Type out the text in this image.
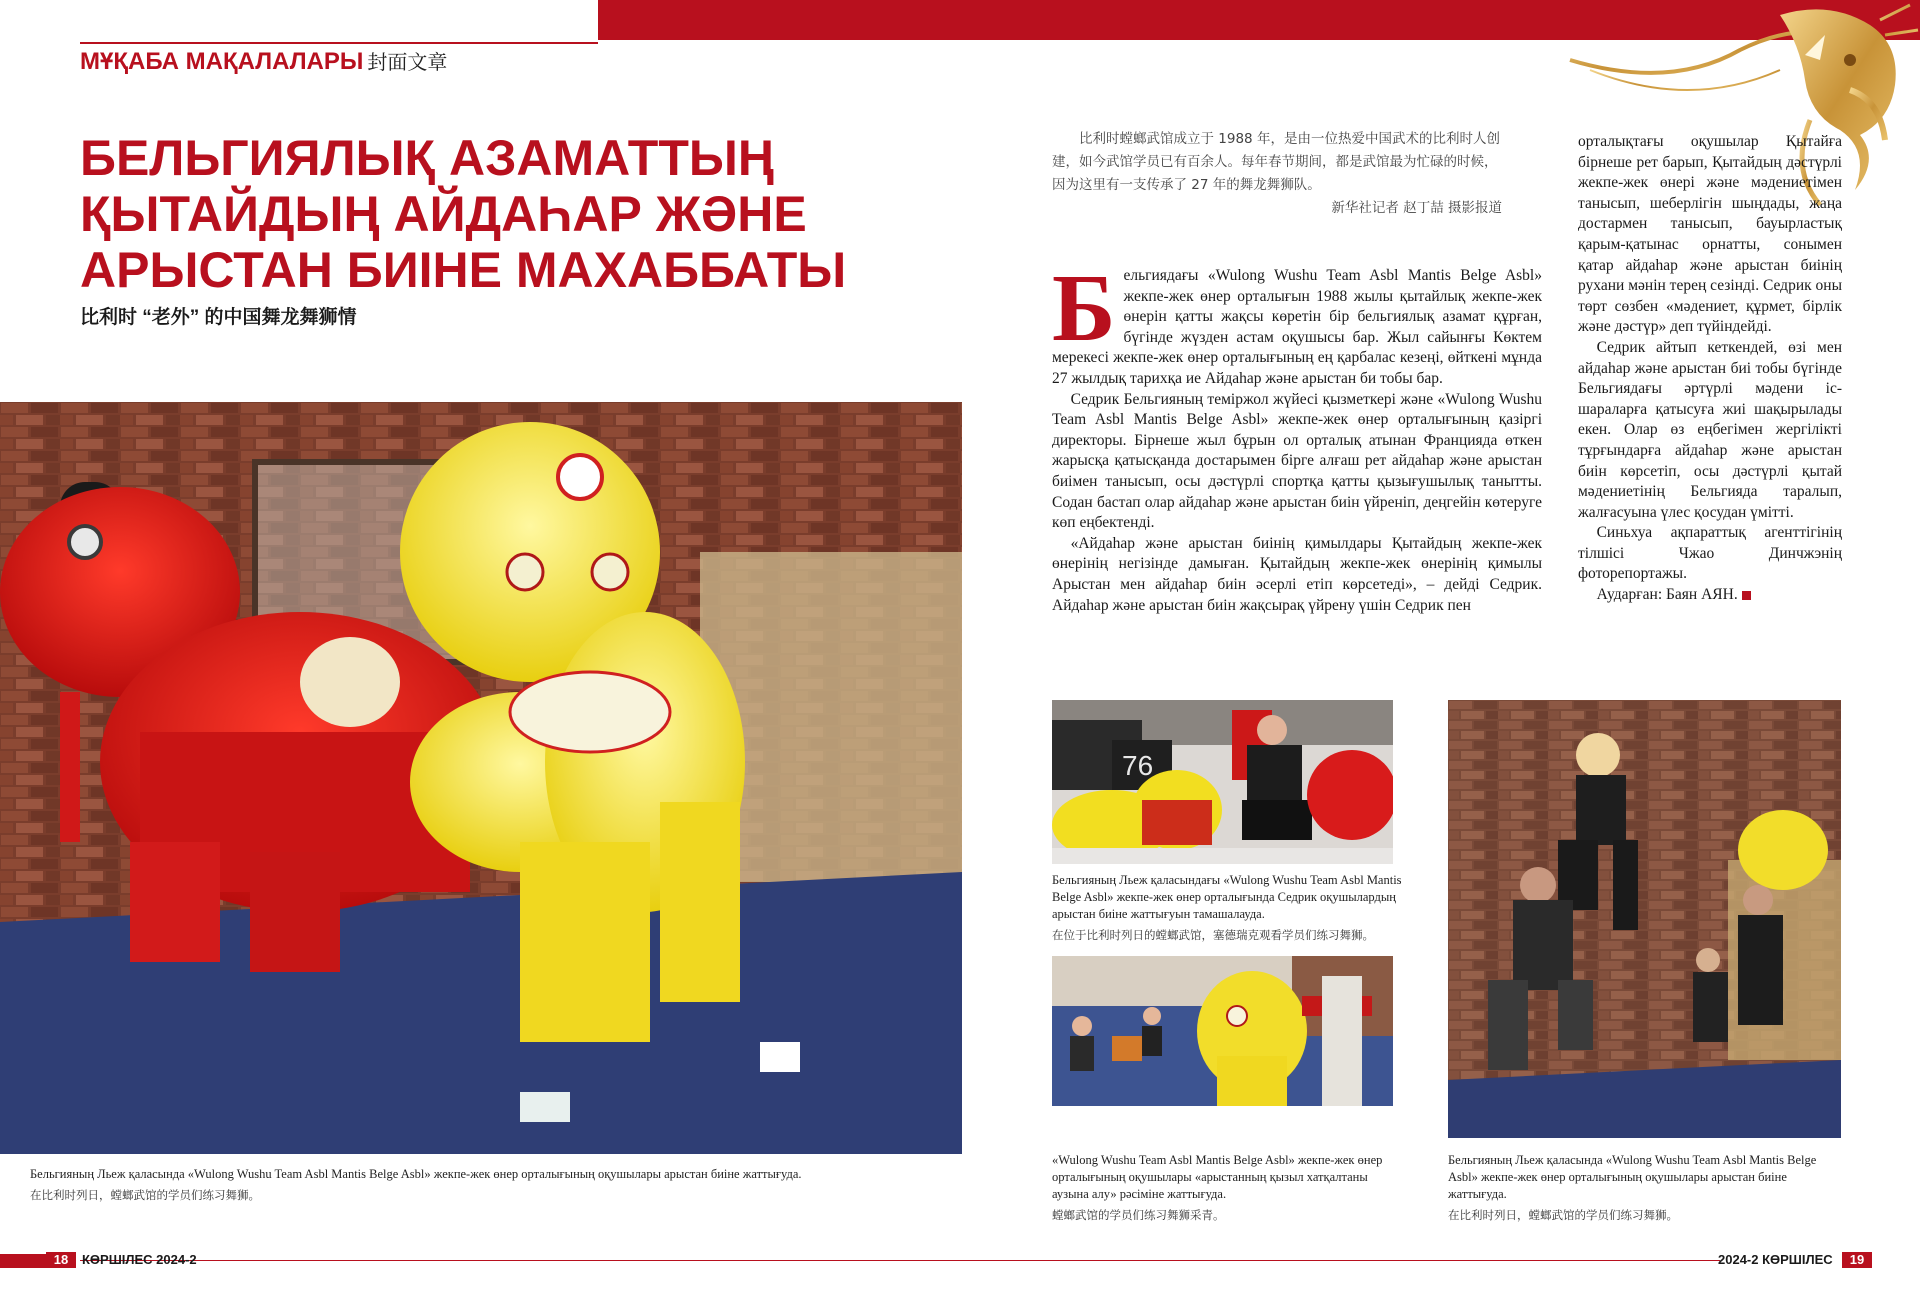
МҰҚАБА МАҚАЛАЛАРЫ 封面文章
БЕЛЬГИЯЛЫҚ АЗАМАТТЫҢ
ҚЫТАЙДЫҢ АЙДАҺАР ЖӘНЕ
АРЫСТАН БИІНЕ МАХАББАТЫ
比利时 “老外” 的中国舞龙舞狮情
比利时螳螂武馆成立于 1988 年，是由一位热爱中国武术的比利时人创建，如今武馆学员已有百余人。每年春节期间，都是武馆最为忙碌的时候，因为这里有一支传承了 27 年的舞龙舞狮队。
新华社记者 赵丁喆 摄影报道

Бельгиядағы «Wulong Wushu Team Asbl Mantis Belge Asbl» жекпе-жек өнер орталығын 1988 жылы қытайлық жекпе-жек өнерін қатты жақсы көретін бір бельгиялық азамат құрған, бүгінде жүзден астам оқушысы бар. Жыл сайынғы Көктем мерекесі жекпе-жек өнер орталығының ең қарбалас кезеңі, өйткені мұнда 27 жылдық тарихқа ие Айдаһар және арыстан би тобы бар.

Седрик Бельгияның теміржол жүйесі қызметкері және «Wulong Wushu Team Asbl Mantis Belge Asbl» жекпе-жек өнер орталығының қазіргі директоры. Бірнеше жыл бұрын ол орталық атынан Францияда өткен жарысқа қатысқанда достарымен бірге алғаш рет айдаһар және арыстан биімен танысып, осы дәстүрлі спортқа қатты қызығушылық танытты. Содан бастап олар айдаһар және арыстан биін үйреніп, деңгейін көтеруге көп еңбектенді.

«Айдаһар және арыстан биінің қимылдары Қытайдың жекпе-жек өнерінің негізінде дамыған. Қытайдың жекпе-жек өнерінің қимылы Арыстан мен айдаһар биін әсерлі етіп көрсетеді», – дейді Седрик. Айдаһар және арыстан биін жақсырақ үйрену үшін Седрик пен

орталықтағы оқушылар Қытайға бірнеше рет барып, Қытайдың дәстүрлі жекпе-жек өнері және мәдениетімен танысып, шеберлігін шыңдады, жаңа достармен танысып, бауырластық қарым-қатынас орнатты, сонымен қатар айдаһар және арыстан биінің рухани мәнін терең сезінді. Седрик оны төрт сөзбен «мәдениет, құрмет, бірлік және дәстүр» деп түйіндейді.

Седрик айтып кеткендей, өзі мен айдаһар және арыстан биі тобы бүгінде Бельгиядағы әртүрлі мәдени іс-шараларға қатысуға жиі шақырылады екен. Олар өз еңбегімен жергілікті тұрғындарға айдаһар және арыстан биін көрсетіп, осы дәстүрлі қытай мәдениетінің Бельгияда таралып, жалғасуына үлес қосудан үміттi.

Синьхуа ақпараттық агенттігінің тілшісі Чжао Динчжэнің фоторепортажы.

Аударған: Баян АЯН.

76
Бельгияның Льеж қаласында «Wulong Wushu Team Asbl Mantis Belge Asbl» жекпе-жек өнер орталығының оқушылары арыстан биіне жаттығуда.
在比利时列日，螳螂武馆的学员们练习舞狮。
Бельгияның Льеж қаласындағы «Wulong Wushu Team Asbl Mantis Belge Asbl» жекпе-жек өнер орталығында Седрик оқушылардың арыстан биіне жаттығуын тамашалауда.
在位于比利时列日的螳螂武馆，塞德瑞克观看学员们练习舞狮。
«Wulong Wushu Team Asbl Mantis Belge Asbl» жекпе-жек өнер орталығының оқушылары «арыстанның қызыл хатқалтаны аузына алу» рәсіміне жаттығуда.
螳螂武馆的学员们练习舞狮采青。
Бельгияның Льеж қаласында «Wulong Wushu Team Asbl Mantis Belge Asbl» жекпе-жек өнер орталығының оқушылары арыстан биіне жаттығуда.
在比利时列日，螳螂武馆的学员们练习舞狮。
18	КӨРШІЛЕС 2024-2	2024-2 КӨРШІЛЕС	19
